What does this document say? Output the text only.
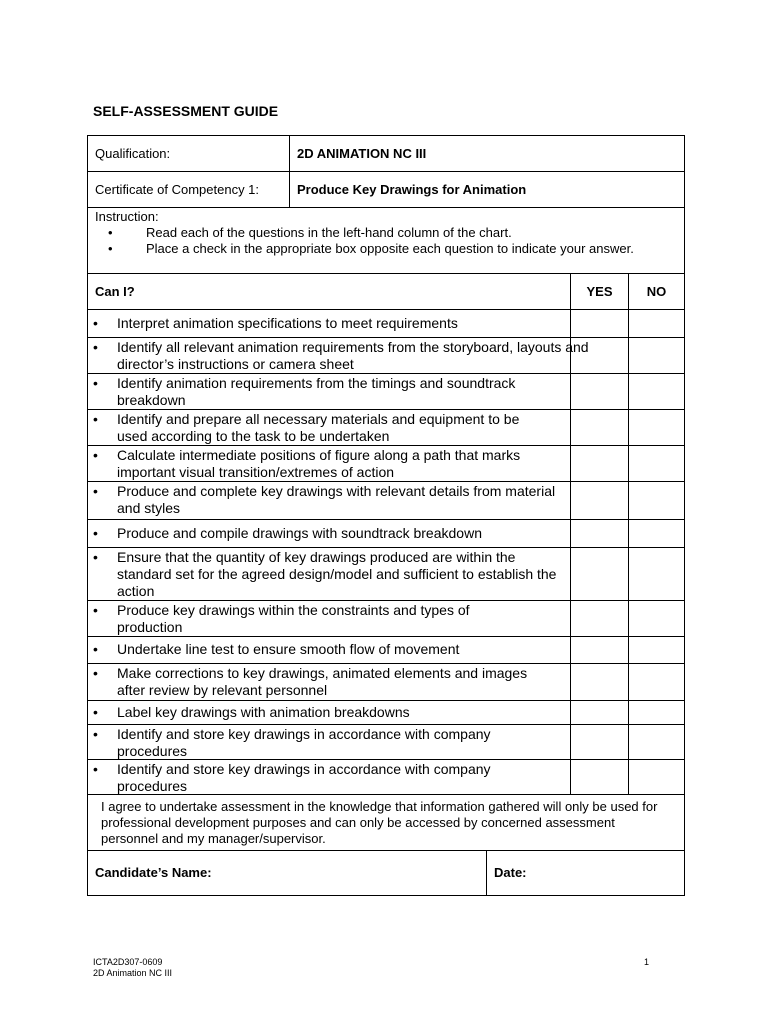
SELF-ASSESSMENT GUIDE
Qualification:	2D ANIMATION NC III
Certificate of Competency 1:	Produce Key Drawings for Animation
Instruction:
•	Read each of the questions in the left-hand column of the chart.
•	Place a check in the appropriate box opposite each question to indicate your answer.
Can I?	YES	NO
• Interpret animation specifications to meet requirements
• Identify all relevant animation requirements from the storyboard, layouts and director’s instructions or camera sheet
• Identify animation requirements from the timings and soundtrack breakdown
• Identify and prepare all necessary materials and equipment to be used according to the task to be undertaken
• Calculate intermediate positions of figure along a path that marks important visual transition/extremes of action
• Produce and complete key drawings with relevant details from material and styles
• Produce and compile drawings with soundtrack breakdown
• Ensure that the quantity of key drawings produced are within the standard set for the agreed design/model and sufficient to establish the action
• Produce key drawings within the constraints and types of production
• Undertake line test to ensure smooth flow of movement
• Make corrections to key drawings, animated elements and images after review by relevant personnel
• Label key drawings with animation breakdowns
• Identify and store key drawings in accordance with company procedures
• Identify and store key drawings in accordance with company procedures
I agree to undertake assessment in the knowledge that information gathered will only be used for professional development purposes and can only be accessed by concerned assessment personnel and my manager/supervisor.
Candidate’s Name:	Date:
ICTA2D307-0609
2D Animation NC III
1
